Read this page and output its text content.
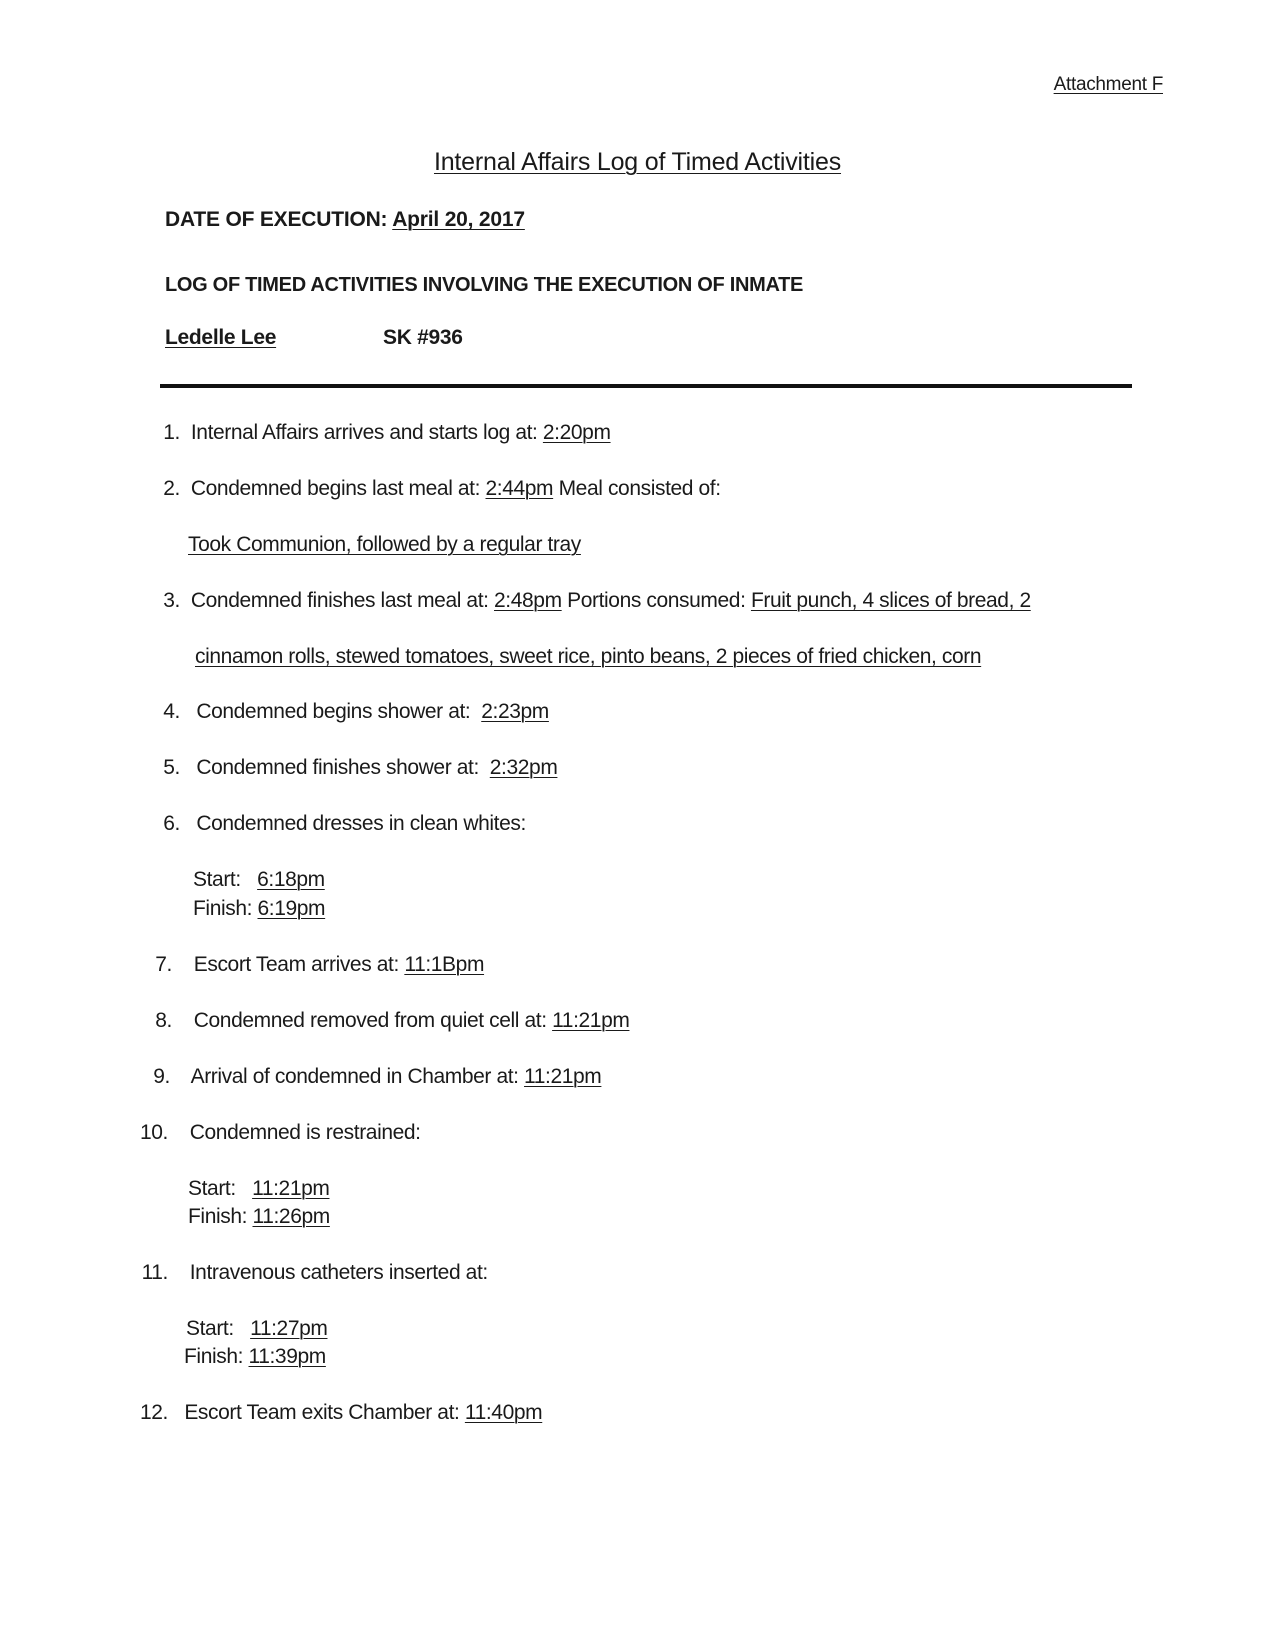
Attachment F
Internal Affairs Log of Timed Activities
DATE OF EXECUTION: April 20, 2017
LOG OF TIMED ACTIVITIES INVOLVING THE EXECUTION OF INMATE
Ledelle Lee	SK #936
1. Internal Affairs arrives and starts log at: 2:20pm
2. Condemned begins last meal at: 2:44pm Meal consisted of:
Took Communion, followed by a regular tray
3. Condemned finishes last meal at: 2:48pm Portions consumed: Fruit punch, 4 slices of bread, 2
cinnamon rolls, stewed tomatoes, sweet rice, pinto beans, 2 pieces of fried chicken, corn
4. Condemned begins shower at: 2:23pm
5. Condemned finishes shower at: 2:32pm
6. Condemned dresses in clean whites:
Start: 6:18pm
Finish: 6:19pm
7. Escort Team arrives at: 11:1Bpm
8. Condemned removed from quiet cell at: 11:21pm
9. Arrival of condemned in Chamber at: 11:21pm
10. Condemned is restrained:
Start: 11:21pm
Finish: 11:26pm
11. Intravenous catheters inserted at:
Start: 11:27pm
Finish: 11:39pm
12. Escort Team exits Chamber at: 11:40pm
